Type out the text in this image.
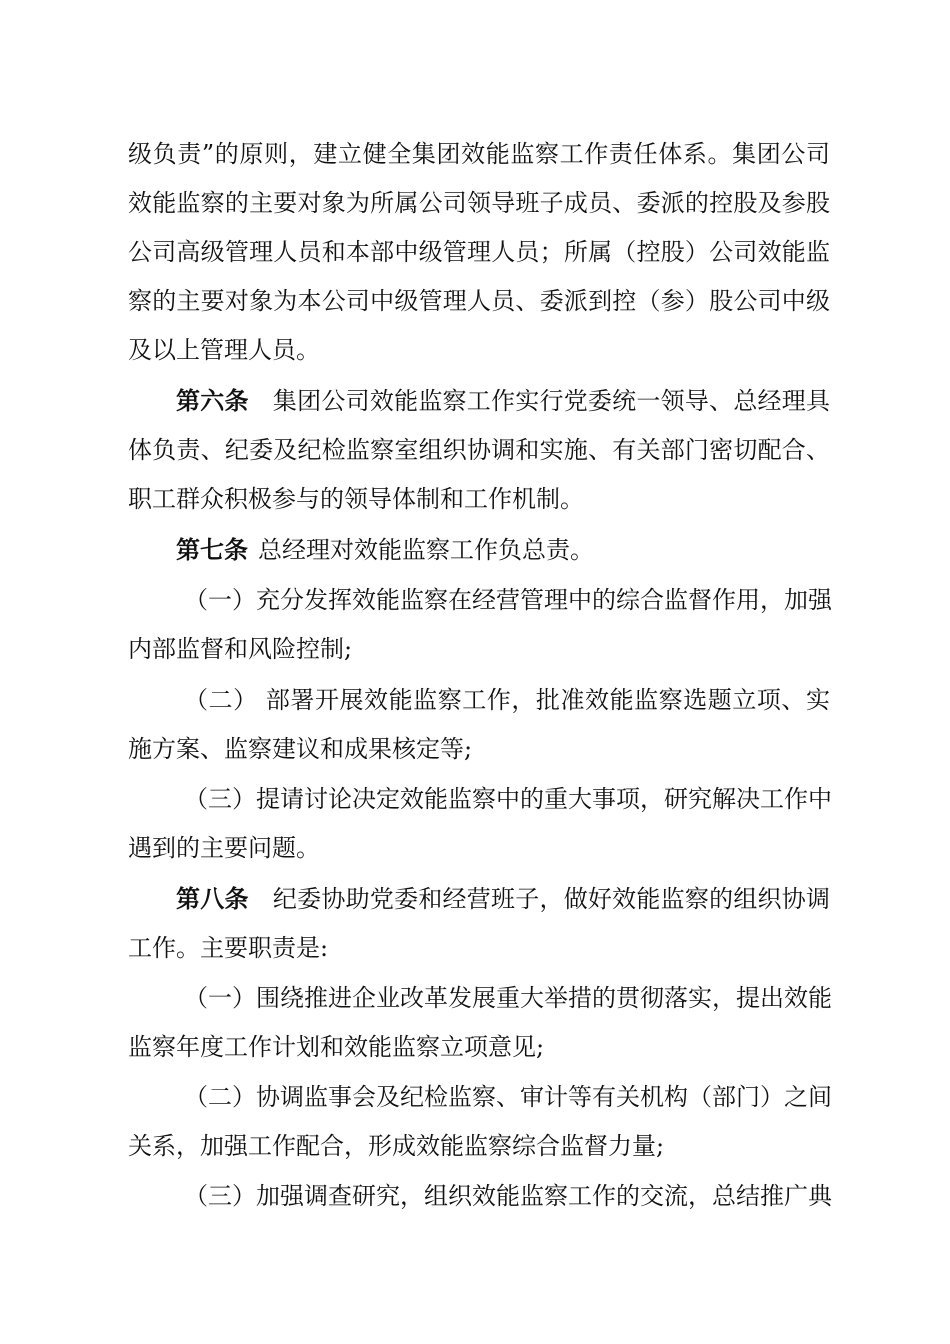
级负责”的原则，建立健全集团效能监察工作责任体系。集团公司
效能监察的主要对象为所属公司领导班子成员、委派的控股及参股
公司高级管理人员和本部中级管理人员；所属（控股）公司效能监
察的主要对象为本公司中级管理人员、委派到控（参）股公司中级
及以上管理人员。
第六条 集团公司效能监察工作实行党委统一领导、总经理具
体负责、纪委及纪检监察室组织协调和实施、有关部门密切配合、
职工群众积极参与的领导体制和工作机制。
第七条 总经理对效能监察工作负总责。
（一）充分发挥效能监察在经营管理中的综合监督作用，加强
内部监督和风险控制;
（二） 部署开展效能监察工作，批准效能监察选题立项、实
施方案、监察建议和成果核定等;
（三）提请讨论决定效能监察中的重大事项，研究解决工作中
遇到的主要问题。
第八条 纪委协助党委和经营班子，做好效能监察的组织协调
工作。主要职责是:
（一）围绕推进企业改革发展重大举措的贯彻落实，提出效能
监察年度工作计划和效能监察立项意见;
（二）协调监事会及纪检监察、审计等有关机构（部门）之间
关系，加强工作配合，形成效能监察综合监督力量;
（三）加强调查研究，组织效能监察工作的交流，总结推广典
